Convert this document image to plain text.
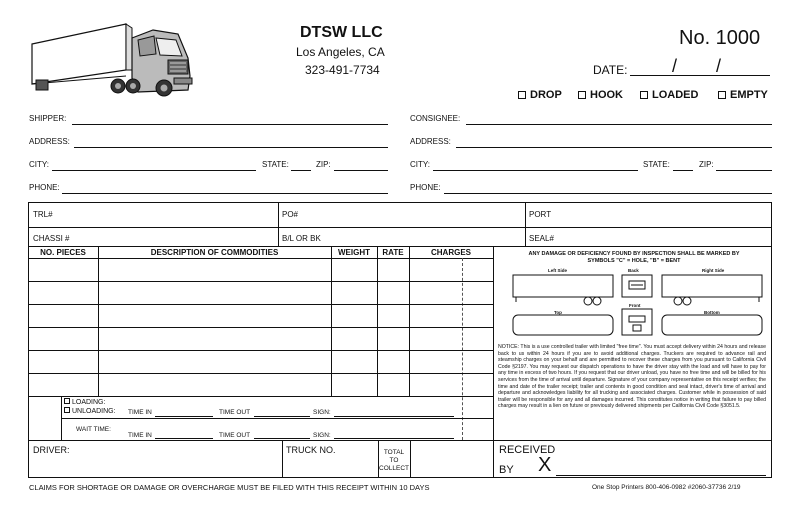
DTSW LLC
Los Angeles, CA
323-491-7734
No. 1000
DATE: / /
DROP	HOOK	LOADED	EMPTY
SHIPPER:
ADDRESS:
CITY:	STATE:	ZIP:
PHONE:
CONSIGNEE:
ADDRESS:
CITY:	STATE:	ZIP:
PHONE:
TRL#	PO#	PORT
CHASSI #	B/L OR BK	SEAL#
NO. PIECES	DESCRIPTION OF COMMODITIES	WEIGHT	RATE	CHARGES
LOADING:
UNLOADING: TIME IN	TIME OUT	SIGN:
WAIT TIME:
TIME IN	TIME OUT	SIGN:
DRIVER:	TRUCK NO.	TOTAL
TO
COLLECT
RECEIVED
BY X
ANY DAMAGE OR DEFICIENCY FOUND BY INSPECTION SHALL BE MARKED BY SYMBOLS "C" = HOLE, "B" = BENT
Left Side	Back	Right Side
Front
Top	Bottom
NOTICE: This is a use controlled trailer with limited "free time". You must accept delivery within 24 hours and release back to us within 24 hours if you are to avoid additional charges. Truckers are required to advance rail and steamship charges on your behalf and are permitted to recover these charges from you pursuant to California Civil Code §2197. You may request our dispatch operations to have the driver stay with the load and will have to pay for any time in excess of two hours. If you request that our driver unload, you have no free time and will be billed for his services from the time of arrival until departure. Signature of your company representative on this receipt verifies; the time and date of the trailer receipt; trailer and contents in good condition and seal intact, driver's time of arrival and departure and acknowledges liability for all trucking and associated charges. Customer while in possession of said trailer will be responsible for any and all damages incurred. This constitutes notice in writing that failure to pay billed charges may result in a lien on future or previously delivered shipments per California Civil Code §3051.5.
CLAIMS FOR SHORTAGE OR DAMAGE OR OVERCHARGE MUST BE FILED WITH THIS RECEIPT WITHIN 10 DAYS	One Stop Printers 800-406-0982 #2060-37736 2/19
